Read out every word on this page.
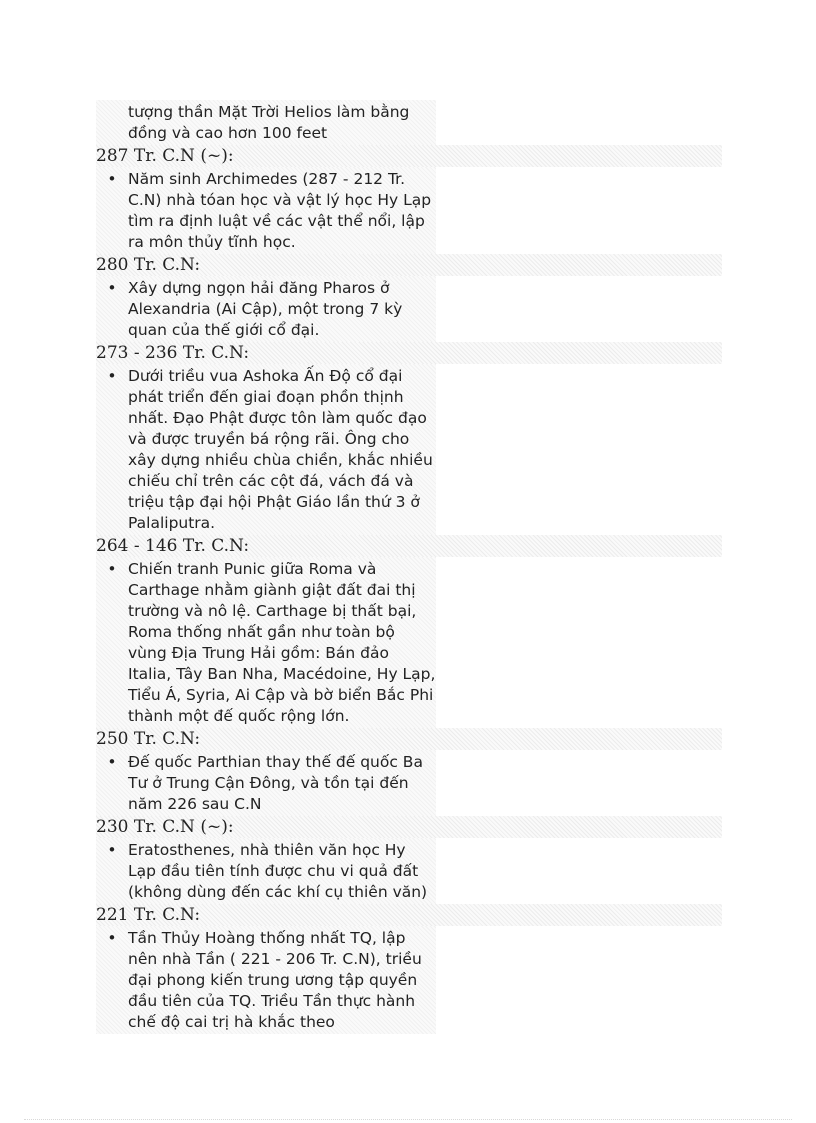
tượng thần Mặt Trời Helios làm bằng đồng và cao hơn 100 feet
287 Tr. C.N (~):
• Năm sinh Archimedes (287 - 212 Tr. C.N) nhà tóan học và vật lý học Hy Lạp tìm ra định luật về các vật thể nổi, lập ra môn thủy tĩnh học.
280 Tr. C.N:
• Xây dựng ngọn hải đăng Pharos ở Alexandria (Ai Cập), một trong 7 kỳ quan của thế giới cổ đại.
273 - 236 Tr. C.N:
• Dưới triều vua Ashoka Ấn Độ cổ đại phát triển đến giai đoạn phồn thịnh nhất. Đạo Phật được tôn làm quốc đạo và được truyền bá rộng rãi. Ông cho xây dựng nhiều chùa chiền, khắc nhiều chiếu chỉ trên các cột đá, vách đá và triệu tập đại hội Phật Giáo lần thứ 3 ở Palaliputra.
264 - 146 Tr. C.N:
• Chiến tranh Punic giữa Roma và Carthage nhằm giành giật đất đai thị trường và nô lệ. Carthage bị thất bại, Roma thống nhất gần như toàn bộ vùng Địa Trung Hải gồm: Bán đảo Italia, Tây Ban Nha, Macédoine, Hy Lạp, Tiểu Á, Syria, Ai Cập và bờ biển Bắc Phi thành một đế quốc rộng lớn.
250 Tr. C.N:
• Đế quốc Parthian thay thế đế quốc Ba Tư ở Trung Cận Đông, và tồn tại đến năm 226 sau C.N
230 Tr. C.N (~):
• Eratosthenes, nhà thiên văn học Hy Lạp đầu tiên tính được chu vi quả đất (không dùng đến các khí cụ thiên văn)
221 Tr. C.N:
• Tần Thủy Hoàng thống nhất TQ, lập nên nhà Tần ( 221 - 206 Tr. C.N), triều đại phong kiến trung ương tập quyền đầu tiên của TQ. Triều Tần thực hành chế độ cai trị hà khắc theo
